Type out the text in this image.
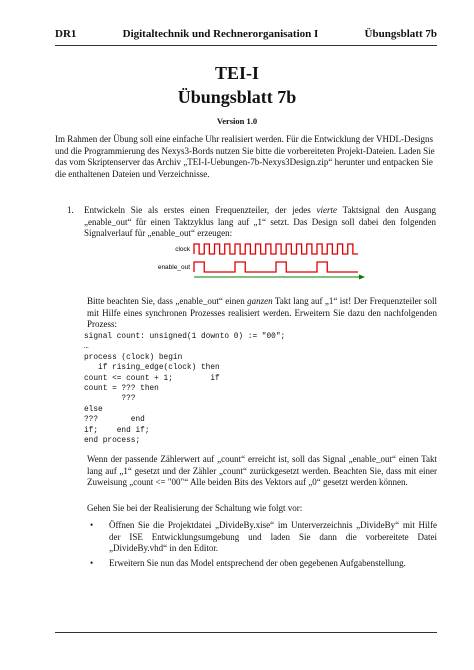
DR1	Digitaltechnik und Rechnerorganisation I	Übungsblatt 7b
TEI-I
Übungsblatt 7b
Version 1.0

Im Rahmen der Übung soll eine einfache Uhr realisiert werden. Für die Entwicklung der VHDL-Designs und die Programmierung des Nexys3-Bords nutzen Sie bitte die vorbereiteten Projekt-Dateien. Laden Sie das vom Skriptenserver das Archiv „TEI-I-Uebungen-7b-Nexys3Design.zip“ herunter und entpacken Sie die enthaltenen Dateien und Verzeichnisse.

1. Entwickeln Sie als erstes einen Frequenzteiler, der jedes vierte Taktsignal den Ausgang „enable_out“ für einen Taktzyklus lang auf „1“ setzt. Das Design soll dabei den folgenden Signalverlauf für „enable_out“ erzeugen:

clock
enable_out

Bitte beachten Sie, dass „enable_out“ einen ganzen Takt lang auf „1“ ist! Der Frequenzteiler soll mit Hilfe eines synchronen Prozesses realisiert werden. Erweitern Sie dazu den nachfolgenden Prozess:

signal count: unsigned(1 downto 0) := "00";
…
process (clock) begin
if rising_edge(clock) then
count <= count + 1;        if
count = ??? then
???
else
???       end
if;    end if;
end process;

Wenn der passende Zählerwert auf „count“ erreicht ist, soll das Signal „enable_out“ einen Takt lang auf „1“ gesetzt und der Zähler „count“ zurückgesetzt werden. Beachten Sie, dass mit einer Zuweisung „count <= "00"“ Alle beiden Bits des Vektors auf „0“ gesetzt werden können.

Gehen Sie bei der Realisierung der Schaltung wie folgt vor:

• Öffnen Sie die Projektdatei „DivideBy.xise“ im Unterverzeichnis „DivideBy“ mit Hilfe der ISE Entwicklungsumgebung und laden Sie dann die vorbereitete Datei „DivideBy.vhd“ in den Editor.

• Erweitern Sie nun das Model entsprechend der oben gegebenen Aufgabenstellung.
